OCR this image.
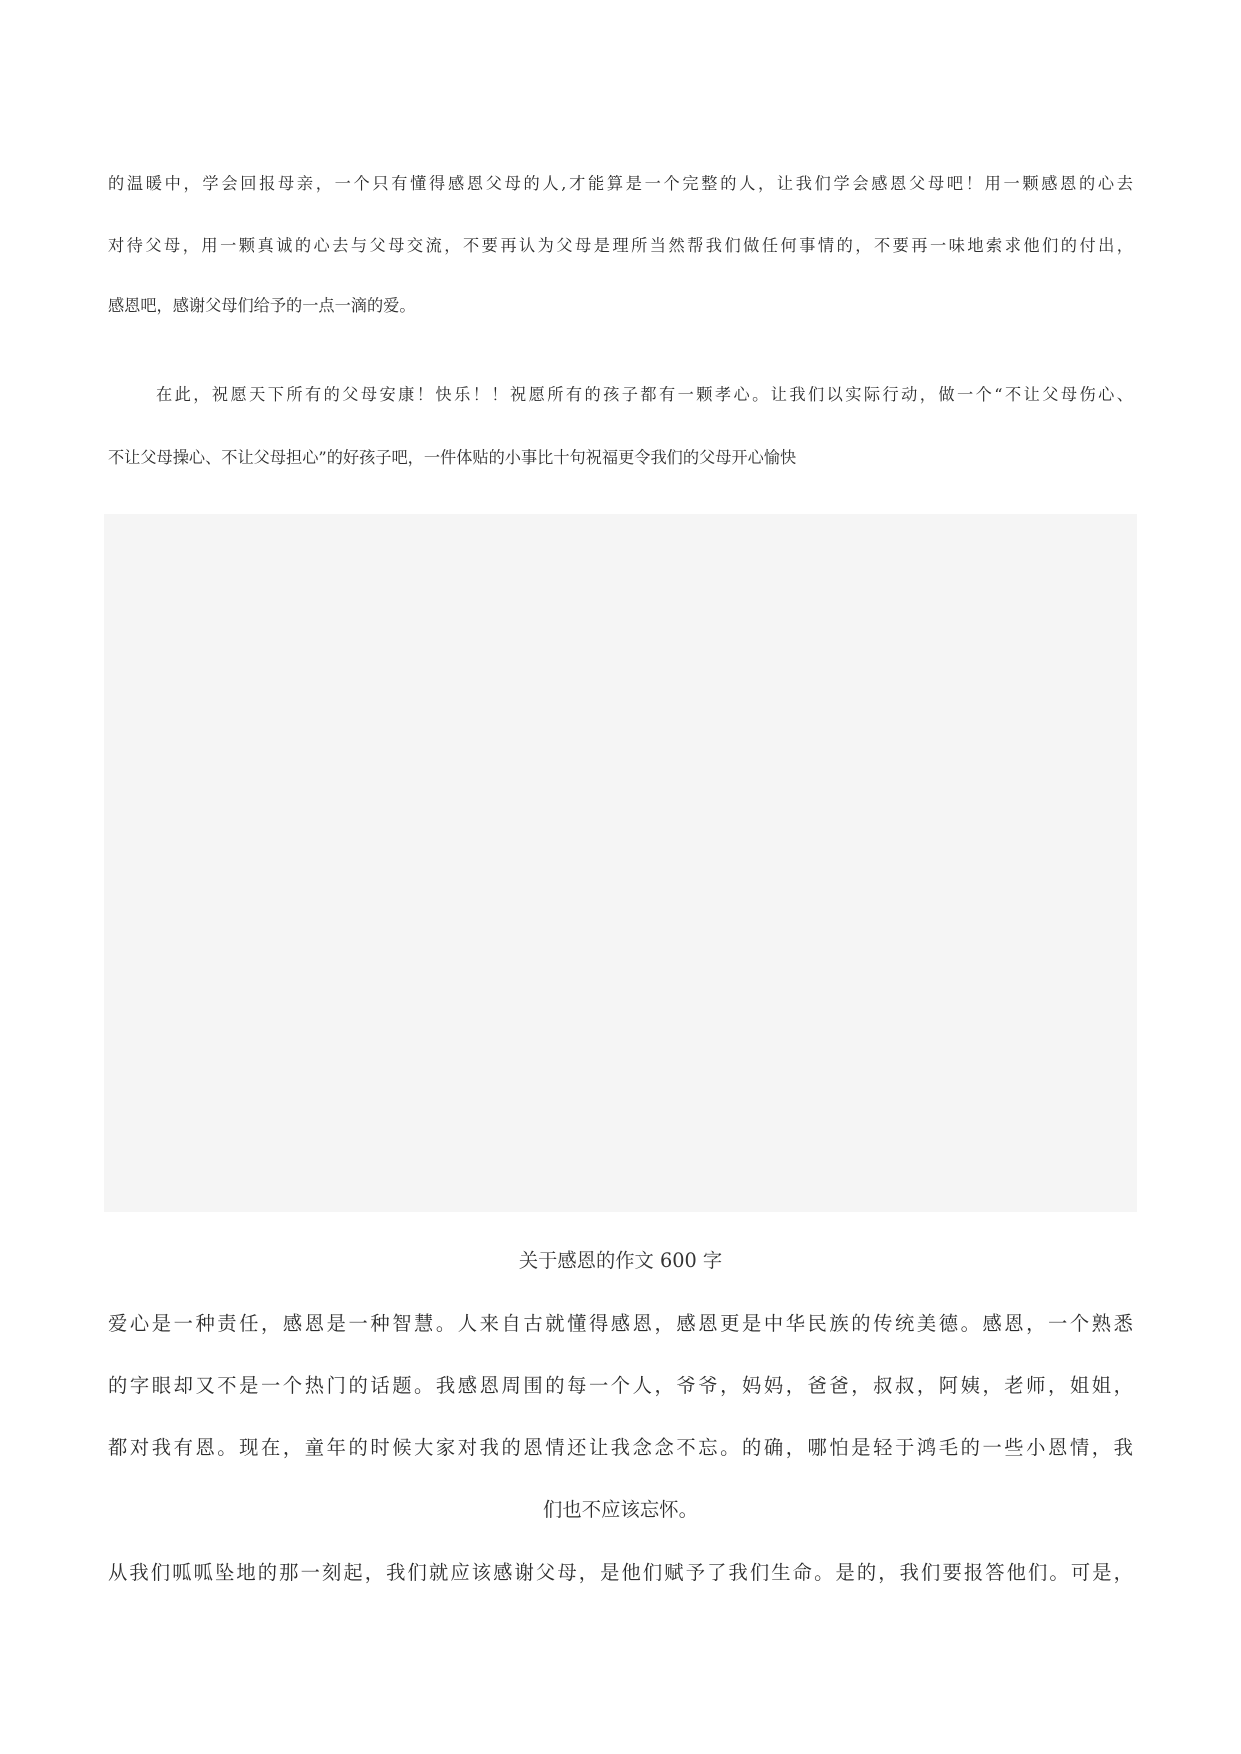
的温暖中，学会回报母亲，一个只有懂得感恩父母的人,才能算是一个完整的人，让我们学会感恩父母吧！用一颗感恩的心去
对待父母，用一颗真诚的心去与父母交流，不要再认为父母是理所当然帮我们做任何事情的，不要再一味地索求他们的付出，
感恩吧，感谢父母们给予的一点一滴的爱。
在此，祝愿天下所有的父母安康！快乐！！祝愿所有的孩子都有一颗孝心。让我们以实际行动，做一个“不让父母伤心、
不让父母操心、不让父母担心”的好孩子吧，一件体贴的小事比十句祝福更令我们的父母开心愉快
关于感恩的作文 600 字
爱心是一种责任，感恩是一种智慧。人来自古就懂得感恩，感恩更是中华民族的传统美德。感恩，一个熟悉
的字眼却又不是一个热门的话题。我感恩周围的每一个人，爷爷，妈妈，爸爸，叔叔，阿姨，老师，姐姐，
都对我有恩。现在，童年的时候大家对我的恩情还让我念念不忘。的确，哪怕是轻于鸿毛的一些小恩情，我
们也不应该忘怀。
从我们呱呱坠地的那一刻起，我们就应该感谢父母，是他们赋予了我们生命。是的，我们要报答他们。可是，
